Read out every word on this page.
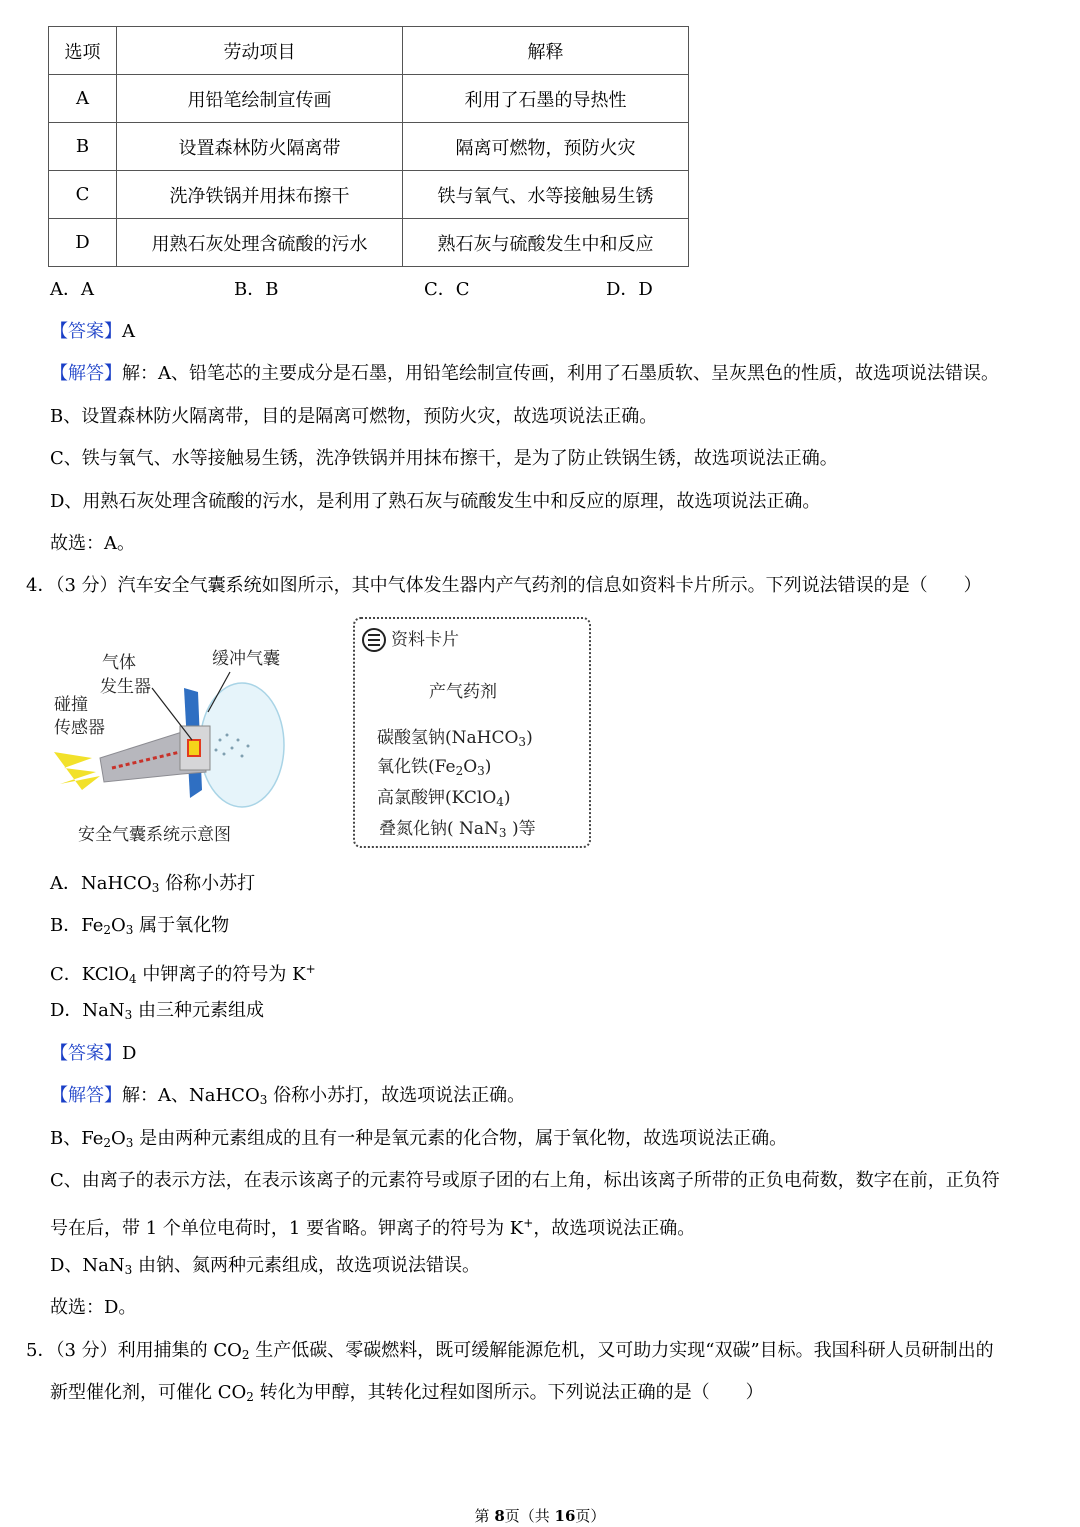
选项	劳动项目	解释
A	用铅笔绘制宣传画	利用了石墨的导热性
B	设置森林防火隔离带	隔离可燃物，预防火灾
C	洗净铁锅并用抹布擦干	铁与氧气、水等接触易生锈
D	用熟石灰处理含硫酸的污水	熟石灰与硫酸发生中和反应
A．A	B．B	C．C	D．D
【答案】A
【解答】解：A、铅笔芯的主要成分是石墨，用铅笔绘制宣传画，利用了石墨质软、呈灰黑色的性质，故选项说法错误。
B、设置森林防火隔离带，目的是隔离可燃物，预防火灾，故选项说法正确。
C、铁与氧气、水等接触易生锈，洗净铁锅并用抹布擦干，是为了防止铁锅生锈，故选项说法正确。
D、用熟石灰处理含硫酸的污水，是利用了熟石灰与硫酸发生中和反应的原理，故选项说法正确。
故选：A。
4．（3 分）汽车安全气囊系统如图所示，其中气体发生器内产气药剂的信息如资料卡片所示。下列说法错误的是（　　）
气体
发生器
缓冲气囊
碰撞
传感器
安全气囊系统示意图
资料卡片
产气药剂
碳酸氢钠(NaHCO$_3$)
氧化铁$(Fe_2O_3)$
高氯酸钾(KClO$_4$)
叠氮化钠( NaN$_3$ )等
A．NaHCO$_3$ 俗称小苏打
B．$Fe_2O_3$ 属于氧化物
C．KClO$_4$ 中钾离子的符号为 K+
D．NaN$_3$ 由三种元素组成
【答案】D
【解答】解：A、NaHCO$_3$ 俗称小苏打，故选项说法正确。
B、$Fe_2O_3$ 是由两种元素组成的且有一种是氧元素的化合物，属于氧化物，故选项说法正确。
C、由离子的表示方法，在表示该离子的元素符号或原子团的右上角，标出该离子所带的正负电荷数，数字在前，正负符
号在后，带 1 个单位电荷时，1 要省略。钾离子的符号为 K+，故选项说法正确。
D、NaN$_3$ 由钠、氮两种元素组成，故选项说法错误。
故选：D。
5．（3 分）利用捕集的 $CO_2$ 生产低碳、零碳燃料，既可缓解能源危机，又可助力实现“双碳”目标。我国科研人员研制出的
新型催化剂，可催化 $CO_2$ 转化为甲醇，其转化过程如图所示。下列说法正确的是（　　）
第 8页（共 16页）
